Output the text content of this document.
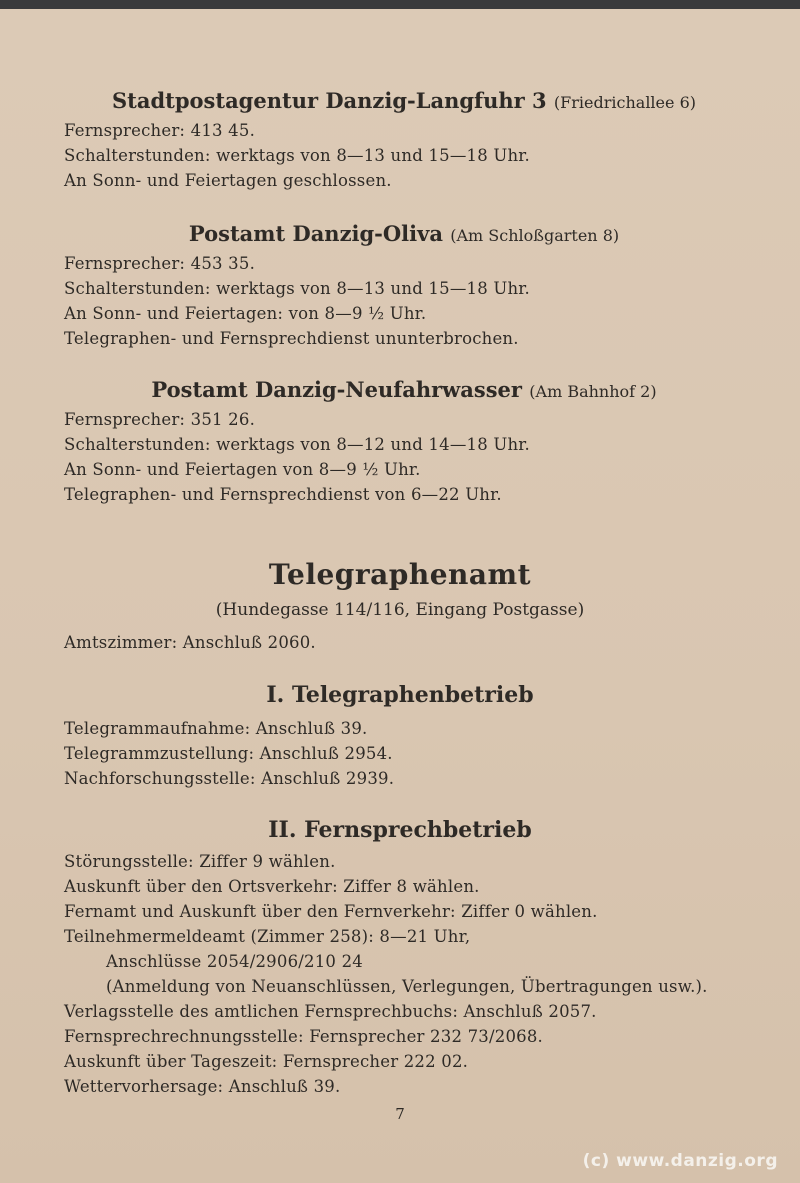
Stadtpostagentur Danzig-Langfuhr 3 (Friedrichallee 6)
Fernsprecher: 413 45.
Schalterstunden: werktags von 8—13 und 15—18 Uhr.
An Sonn- und Feiertagen geschlossen.
Postamt Danzig-Oliva (Am Schloßgarten 8)
Fernsprecher: 453 35.
Schalterstunden: werktags von 8—13 und 15—18 Uhr.
An Sonn- und Feiertagen: von 8—9 ½ Uhr.
Telegraphen- und Fernsprechdienst ununterbrochen.
Postamt Danzig-Neufahrwasser (Am Bahnhof 2)
Fernsprecher: 351 26.
Schalterstunden: werktags von 8—12 und 14—18 Uhr.
An Sonn- und Feiertagen von 8—9 ½ Uhr.
Telegraphen- und Fernsprechdienst von 6—22 Uhr.
Telegraphenamt
(Hundegasse 114/116, Eingang Postgasse)
Amtszimmer: Anschluß 2060.
I. Telegraphenbetrieb
Telegrammaufnahme: Anschluß 39.
Telegrammzustellung: Anschluß 2954.
Nachforschungsstelle: Anschluß 2939.
II. Fernsprechbetrieb
Störungsstelle: Ziffer 9 wählen.
Auskunft über den Ortsverkehr: Ziffer 8 wählen.
Fernamt und Auskunft über den Fernverkehr: Ziffer 0 wählen.
Teilnehmermeldeamt (Zimmer 258): 8—21 Uhr,
Anschlüsse 2054/2906/210 24
(Anmeldung von Neuanschlüssen, Verlegungen, Übertragungen usw.).
Verlagsstelle des amtlichen Fernsprechbuchs: Anschluß 2057.
Fernsprechrechnungsstelle: Fernsprecher 232 73/2068.
Auskunft über Tageszeit: Fernsprecher 222 02.
Wettervorhersage: Anschluß 39.
7
(c) www.danzig.org
